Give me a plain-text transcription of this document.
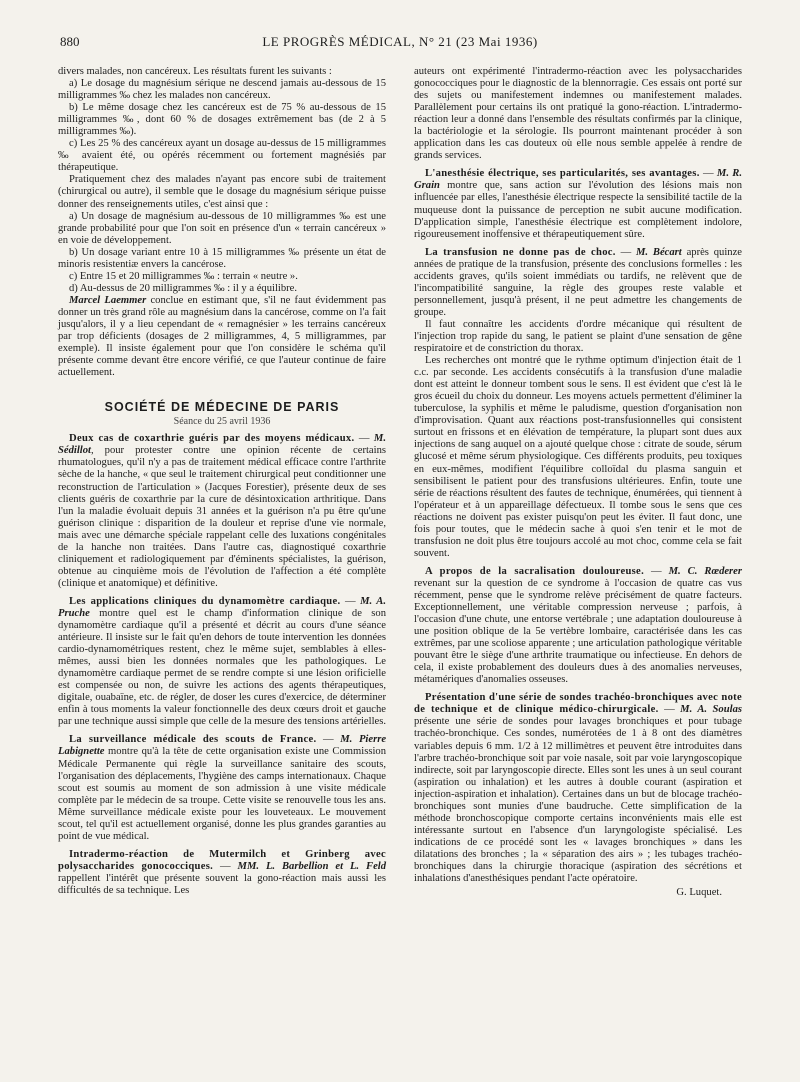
880	LE PROGRÈS MÉDICAL, N° 21 (23 Mai 1936)

divers malades, non cancéreux. Les résultats furent les suivants :

a) Le dosage du magnésium sérique ne descend jamais au-dessous de 15 milligrammes ‰ chez les malades non cancéreux.

b) Le même dosage chez les cancéreux est de 75 % au-dessous de 15 milligrammes ‰, dont 60 % de dosages extrêmement bas (de 2 à 5 milligrammes ‰).

c) Les 25 % des cancéreux ayant un dosage au-dessus de 15 milligrammes ‰ avaient été, ou opérés récemment ou fortement magnésiés par thérapeutique.

Pratiquement chez des malades n'ayant pas encore subi de traitement (chirurgical ou autre), il semble que le dosage du magnésium sérique puisse donner des renseignements utiles, c'est ainsi que :

a) Un dosage de magnésium au-dessous de 10 milligrammes ‰ est une grande probabilité pour que l'on soit en présence d'un « terrain cancéreux » en voie de développement.

b) Un dosage variant entre 10 à 15 milligrammes ‰ présente un état de minoris resistentiæ envers la cancérose.

c) Entre 15 et 20 milligrammes ‰ : terrain « neutre ».

d) Au-dessus de 20 milligrammes ‰ : il y a équilibre.

Marcel Laemmer conclue en estimant que, s'il ne faut évidemment pas donner un très grand rôle au magnésium dans la cancérose, comme on l'a fait jusqu'alors, il y a lieu cependant de « remagnésier » les terrains cancéreux par trop déficients (dosages de 2 milligrammes, 4, 5 milligrammes, par exemple). Il insiste également pour que l'on considère le schéma qu'il présente comme devant être encore vérifié, ce que l'auteur continue de faire actuellement.

SOCIÉTÉ DE MÉDECINE DE PARIS
Séance du 25 avril 1936

Deux cas de coxarthrie guéris par des moyens médicaux. — M. Sédillot, pour protester contre une opinion récente de certains rhumatologues, qu'il n'y a pas de traitement médical efficace contre l'arthrite sèche de la hanche, « que seul le traitement chirurgical peut conditionner une reconstruction de l'articulation » (Jacques Forestier), présente deux de ses clients guéris de coxarthrie par la cure de désintoxication arthritique. Dans l'un la maladie évoluait depuis 31 années et la guérison n'a pu être qu'une guérison clinique : disparition de la douleur et reprise d'une vie normale, mais avec une démarche spéciale rappelant celle des luxations congénitales de la hanche non traitées. Dans l'autre cas, diagnostiqué coxarthrie cliniquement et radiologiquement par d'éminents spécialistes, la guérison, obtenue au cinquième mois de l'évolution de l'affection a été complète (clinique et anatomique) et définitive.

Les applications cliniques du dynamomètre cardiaque. — M. A. Pruche montre quel est le champ d'information clinique de son dynamomètre cardiaque qu'il a présenté et décrit au cours d'une séance antérieure. Il insiste sur le fait qu'en dehors de toute intervention les données cardio-dynamométriques restent, chez le même sujet, semblables à elles-mêmes, aussi bien les données normales que les pathologiques. Le dynamomètre cardiaque permet de se rendre compte si une lésion orificielle est compensée ou non, de suivre les actions des agents thérapeutiques, digitale, ouabaïne, etc. de régler, de doser les cures d'exercice, de déterminer enfin à tous moments la valeur fonctionnelle des deux cœurs droit et gauche par une technique aussi simple que celle de la mesure des tensions artérielles.

La surveillance médicale des scouts de France. — M. Pierre Labignette montre qu'à la tête de cette organisation existe une Commission Médicale Permanente qui règle la surveillance sanitaire des scouts, l'organisation des déplacements, l'hygiène des camps internationaux. Chaque scout est soumis au moment de son admission à une visite médicale complète par le médecin de sa troupe. Cette visite se renouvelle tous les ans. Même surveillance médicale existe pour les louveteaux. Le mouvement scout, tel qu'il est actuellement organisé, donne les plus grandes garanties au point de vue médical.

Intradermo-réaction de Mutermilch et Grinberg avec polysaccharides gonococciques. — MM. L. Barbellion et L. Feld rappellent l'intérêt que présente souvent la gono-réaction mais aussi les difficultés de sa technique. Les

auteurs ont expérimenté l'intradermo-réaction avec les polysaccharides gonococciques pour le diagnostic de la blennorragie. Ces essais ont porté sur des sujets ou manifestement indemnes ou manifestement malades. Parallèlement pour certains ils ont pratiqué la gono-réaction. L'intradermo-réaction leur a donné dans l'ensemble des résultats confirmés par la clinique, la bactériologie et la sérologie. Ils pourront maintenant procéder à son application dans les cas douteux où elle nous semble appelée à rendre de grands services.

L'anesthésie électrique, ses particularités, ses avantages. — M. R. Grain montre que, sans action sur l'évolution des lésions mais non influencée par elles, l'anesthésie électrique respecte la sensibilité tactile de la muqueuse dont la puissance de perception ne subit aucune modification. D'application simple, l'anesthésie électrique est complètement indolore, rigoureusement inoffensive et thérapeutiquement sûre.

La transfusion ne donne pas de choc. — M. Bécart après quinze années de pratique de la transfusion, présente des conclusions formelles : les accidents graves, qu'ils soient immédiats ou tardifs, ne relèvent que de l'incompatibilité sanguine, la règle des groupes reste valable et personnellement, jusqu'à présent, il ne peut admettre les changements de groupe.

Il faut connaître les accidents d'ordre mécanique qui résultent de l'injection trop rapide du sang, le patient se plaint d'une sensation de gêne respiratoire et de constriction du thorax.

Les recherches ont montré que le rythme optimum d'injection était de 1 c.c. par seconde. Les accidents consécutifs à la transfusion d'une maladie dont est atteint le donneur tombent sous le sens. Il est évident que c'est là le gros écueil du choix du donneur. Les moyens actuels permettent d'éliminer la tuberculose, la syphilis et même le paludisme, question d'organisation non d'improvisation. Quant aux réactions post-transfusionnelles qui consistent surtout en frissons et en élévation de température, la plupart sont dues aux injections de sang auquel on a ajouté quelque chose : citrate de soude, sérum glucosé et même sérum physiologique. Ces différents produits, peu toxiques en eux-mêmes, modifient l'équilibre colloïdal du plasma sanguin et sensibilisent le patient pour des transfusions ultérieures. Enfin, toute une série de réactions résultent des fautes de technique, énumérées, qui tiennent à l'opérateur et à un appareillage défectueux. Il tombe sous le sens que ces réactions ne doivent pas exister puisqu'on peut les éviter. Il faut donc, une fois pour toutes, que le médecin sache à quoi s'en tenir et le mot de transfusion ne doit plus être toujours accolé au mot choc, comme cela se fait souvent.

A propos de la sacralisation douloureuse. — M. C. Rœderer revenant sur la question de ce syndrome à l'occasion de quatre cas vus récemment, pense que le syndrome relève précisément de quatre facteurs. Exceptionnellement, une véritable compression nerveuse ; parfois, à l'occasion d'une chute, une entorse vertébrale ; une adaptation douloureuse à une position oblique de la 5e vertèbre lombaire, caractérisée dans les cas extrêmes, par une scoliose apparente ; une articulation pathologique véritable pouvant être le siège d'une arthrite traumatique ou infectieuse. En dehors de cela, il existe probablement des douleurs dues à des anomalies nerveuses, métamériques d'anomalies osseuses.

Présentation d'une série de sondes trachéo-bronchiques avec note de technique et de clinique médico-chirurgicale. — M. A. Soulas présente une série de sondes pour lavages bronchiques et pour tubage trachéo-bronchique. Ces sondes, numérotées de 1 à 8 ont des diamètres variables depuis 6 mm. 1/2 à 12 millimètres et peuvent être introduites dans l'arbre trachéo-bronchique soit par voie nasale, soit par voie laryngoscopique indirecte, soit par laryngoscopie directe. Elles sont les unes à un seul courant (aspiration ou inhalation) et les autres à double courant (aspiration et injection-aspiration et inhalation). Certaines dans un but de blocage trachéo-bronchiques sont munies d'une baudruche. Cette simplification de la méthode bronchoscopique comporte certains inconvénients mais elle est intéressante surtout en l'absence d'un laryngologiste spécialisé. Les indications de ce procédé sont les « lavages bronchiques » dans les dilatations des bronches ; la « séparation des airs » ; les tubages trachéo-bronchiques dans la chirurgie thoracique (aspiration des sécrétions et inhalations d'anesthésiques pendant l'acte opératoire.

G. Luquet.
